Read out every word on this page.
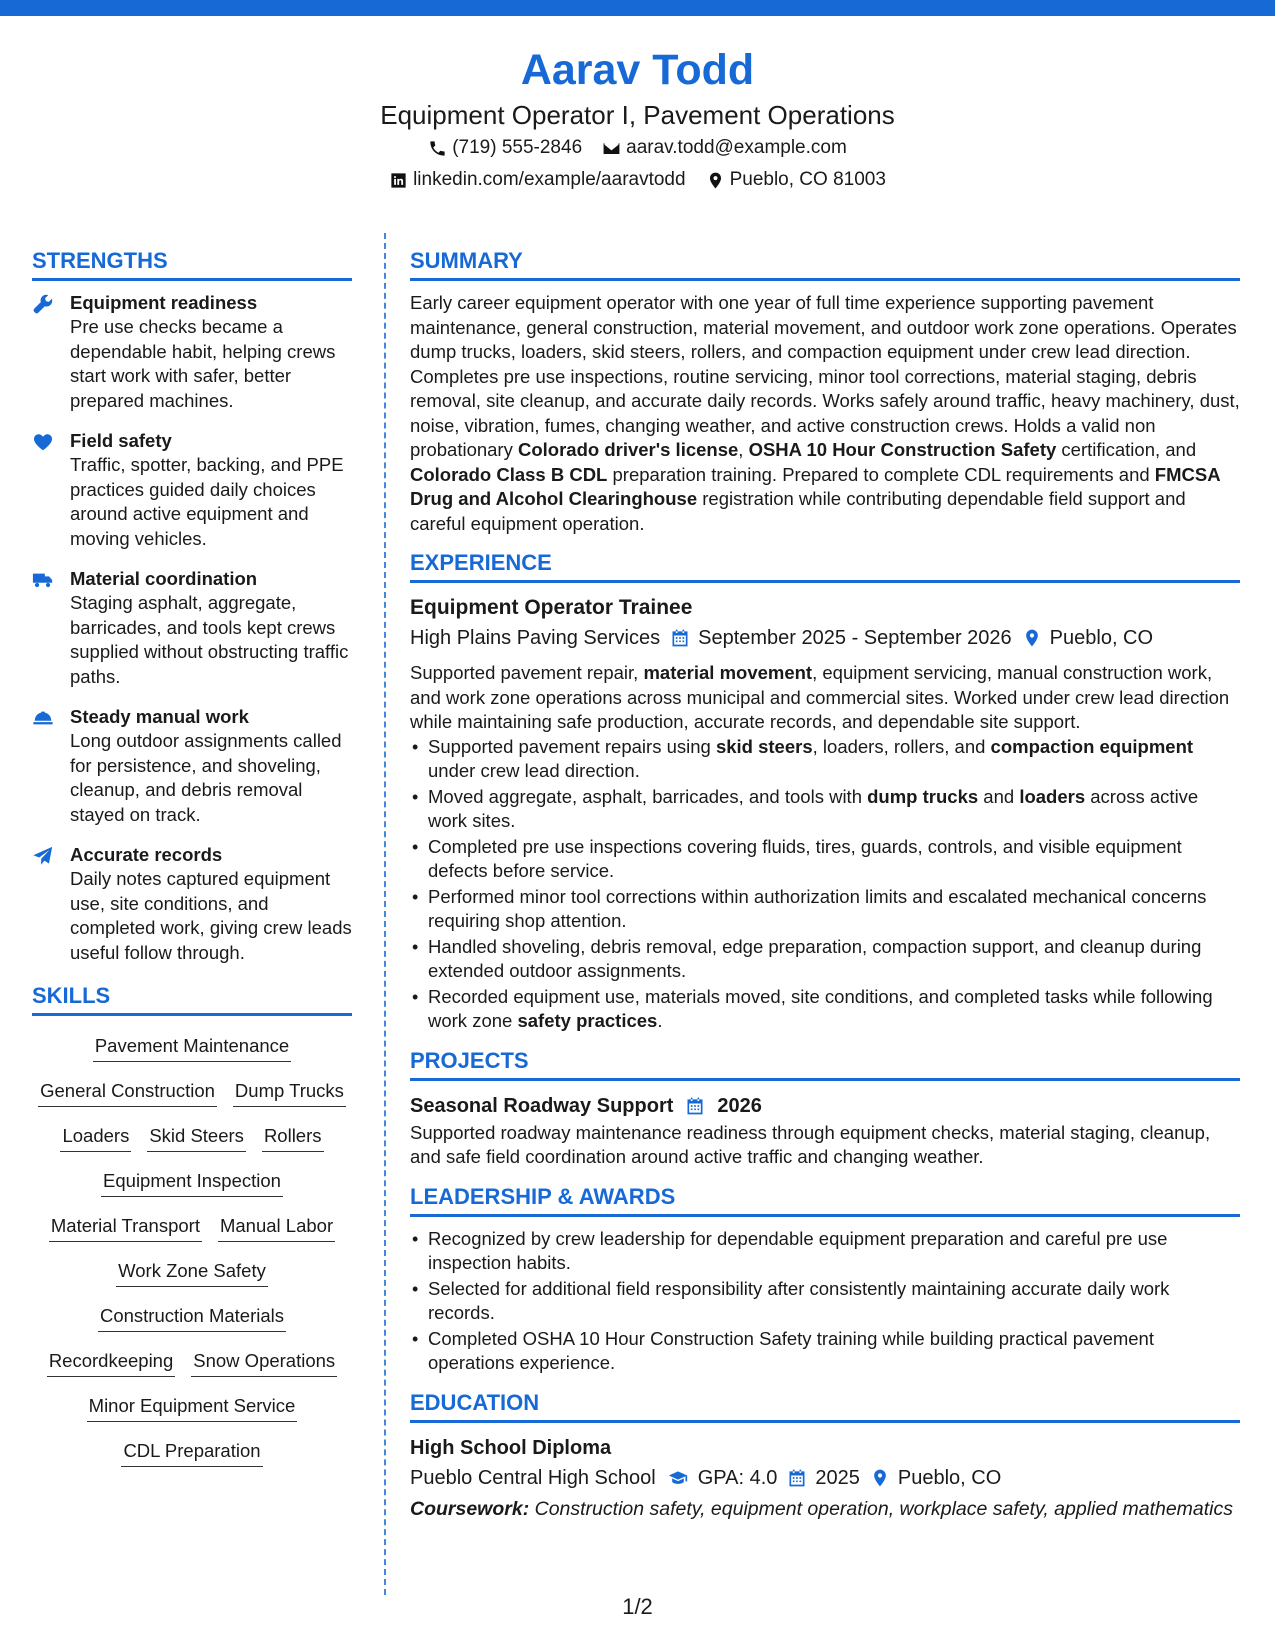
Aarav Todd
Equipment Operator I, Pavement Operations
(719) 555-2846 aarav.todd@example.com
linkedin.com/example/aaravtodd Pueblo, CO 81003
STRENGTHS
Equipment readiness
Pre use checks became a dependable habit, helping crews start work with safer, better prepared machines.
Field safety
Traffic, spotter, backing, and PPE practices guided daily choices around active equipment and moving vehicles.
Material coordination
Staging asphalt, aggregate, barricades, and tools kept crews supplied without obstructing traffic paths.
Steady manual work
Long outdoor assignments called for persistence, and shoveling, cleanup, and debris removal stayed on track.
Accurate records
Daily notes captured equipment use, site conditions, and completed work, giving crew leads useful follow through.
SKILLS
Pavement Maintenance
General Construction Dump Trucks
Loaders Skid Steers Rollers
Equipment Inspection
Material Transport Manual Labor
Work Zone Safety
Construction Materials
Recordkeeping Snow Operations
Minor Equipment Service
CDL Preparation
SUMMARY
Early career equipment operator with one year of full time experience supporting pavement maintenance, general construction, material movement, and outdoor work zone operations. Operates dump trucks, loaders, skid steers, rollers, and compaction equipment under crew lead direction. Completes pre use inspections, routine servicing, minor tool corrections, material staging, debris removal, site cleanup, and accurate daily records. Works safely around traffic, heavy machinery, dust, noise, vibration, fumes, changing weather, and active construction crews. Holds a valid non probationary Colorado driver's license, OSHA 10 Hour Construction Safety certification, and Colorado Class B CDL preparation training. Prepared to complete CDL requirements and FMCSA Drug and Alcohol Clearinghouse registration while contributing dependable field support and careful equipment operation.
EXPERIENCE
Equipment Operator Trainee
High Plains Paving Services September 2025 - September 2026 Pueblo, CO
Supported pavement repair, material movement, equipment servicing, manual construction work, and work zone operations across municipal and commercial sites. Worked under crew lead direction while maintaining safe production, accurate records, and dependable site support.
• Supported pavement repairs using skid steers, loaders, rollers, and compaction equipment under crew lead direction.
• Moved aggregate, asphalt, barricades, and tools with dump trucks and loaders across active work sites.
• Completed pre use inspections covering fluids, tires, guards, controls, and visible equipment defects before service.
• Performed minor tool corrections within authorization limits and escalated mechanical concerns requiring shop attention.
• Handled shoveling, debris removal, edge preparation, compaction support, and cleanup during extended outdoor assignments.
• Recorded equipment use, materials moved, site conditions, and completed tasks while following work zone safety practices.
PROJECTS
Seasonal Roadway Support 2026
Supported roadway maintenance readiness through equipment checks, material staging, cleanup, and safe field coordination around active traffic and changing weather.
LEADERSHIP & AWARDS
• Recognized by crew leadership for dependable equipment preparation and careful pre use inspection habits.
• Selected for additional field responsibility after consistently maintaining accurate daily work records.
• Completed OSHA 10 Hour Construction Safety training while building practical pavement operations experience.
EDUCATION
High School Diploma
Pueblo Central High School GPA: 4.0 2025 Pueblo, CO
Coursework: Construction safety, equipment operation, workplace safety, applied mathematics
1/2
